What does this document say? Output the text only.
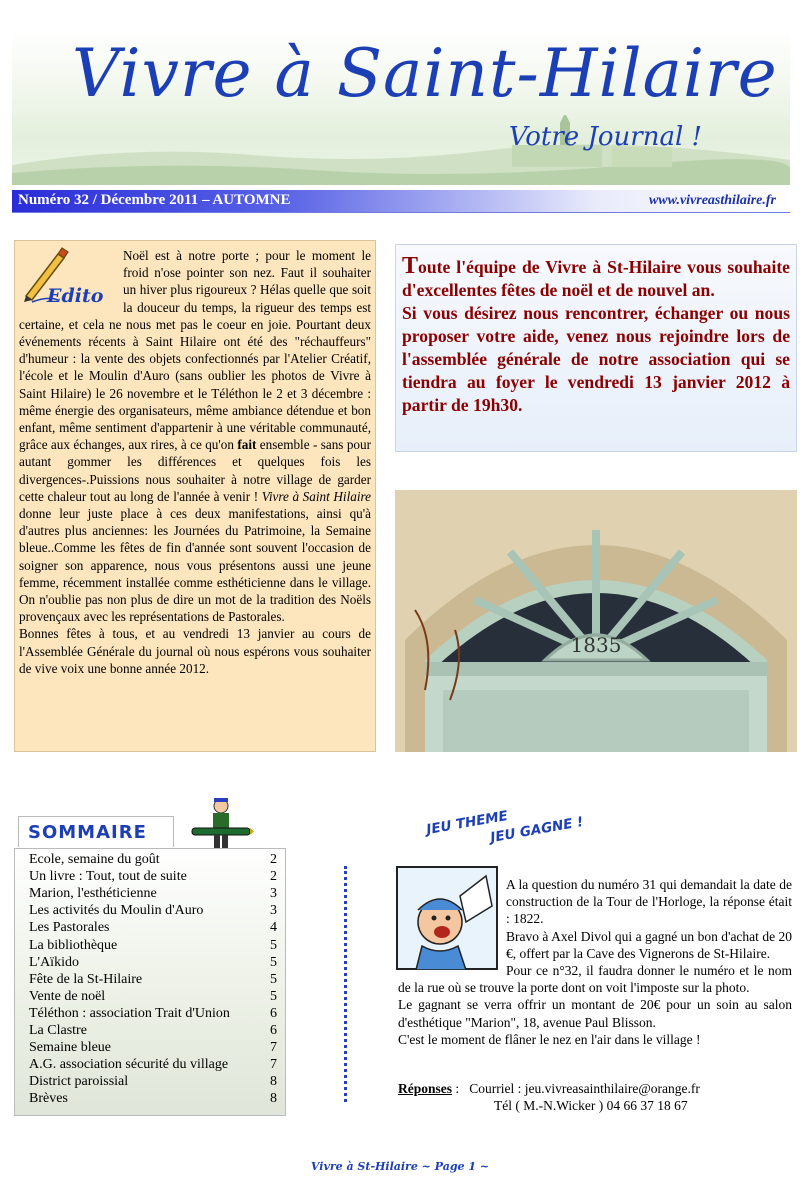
Vivre à Saint-Hilaire
Votre Journal !
Numéro 32 / Décembre 2011 – AUTOMNE	www.vivreasthilaire.fr
Edito

Noël est à notre porte ; pour le moment le froid n'ose pointer son nez. Faut il souhaiter un hiver plus rigoureux ? Hélas quelle que soit la douceur du temps, la rigueur des temps est certaine, et cela ne nous met pas le coeur en joie. Pourtant deux événements récents à Saint Hilaire ont été des "réchauffeurs" d'humeur : la vente des objets confectionnés par l'Atelier Créatif, l'école et le Moulin d'Auro (sans oublier les photos de Vivre à Saint Hilaire) le 26 novembre et le Téléthon le 2 et 3 décembre : même énergie des organisateurs, même ambiance détendue et bon enfant, même sentiment d'appartenir à une véritable communauté, grâce aux échanges, aux rires, à ce qu'on fait ensemble - sans pour autant gommer les différences et quelques fois les divergences-.Puissions nous souhaiter à notre village de garder cette chaleur tout au long de l'année à venir ! Vivre à Saint Hilaire donne leur juste place à ces deux manifestations, ainsi qu'à d'autres plus anciennes: les Journées du Patrimoine, la Semaine bleue..Comme les fêtes de fin d'année sont souvent l'occasion de soigner son apparence, nous vous présentons aussi une jeune femme, récemment installée comme esthéticienne dans le village. On n'oublie pas non plus de dire un mot de la tradition des Noëls provençaux avec les représentations de Pastorales.

Bonnes fêtes à tous, et au vendredi 13 janvier au cours de l'Assemblée Générale du journal où nous espérons vous souhaiter de vive voix une bonne année 2012.

Toute l'équipe de Vivre à St-Hilaire vous souhaite d'excellentes fêtes de noël et de nouvel an.

Si vous désirez nous rencontrer, échanger ou nous proposer votre aide, venez nous rejoindre lors de l'assemblée générale de notre association qui se tiendra au foyer le vendredi 13 janvier 2012 à partir de 19h30.

1835
SOMMAIRE
Ecole, semaine du goût	2
Un livre : Tout, tout de suite	2
Marion, l'esthéticienne	3
Les activités du Moulin d'Auro	3
Les Pastorales	4
La bibliothèque	5
L'Aïkido	5
Fête de la St-Hilaire	5
Vente de noël	5
Téléthon : association Trait d'Union	6
La Clastre	6
Semaine bleue	7
A.G. association sécurité du village	7
District paroissial	8
Brèves	8
JEU THEME
JEU GAGNE !

A la question du numéro 31 qui demandait la date de construction de la Tour de l'Horloge, la réponse était : 1822.

Bravo à Axel Divol qui a gagné un bon d'achat de 20 €, offert par la Cave des Vignerons de St-Hilaire.

Pour ce n°32, il faudra donner le numéro et le nom de la rue où se trouve la porte dont on voit l'imposte sur la photo.

Le gagnant se verra offrir un montant de 20€ pour un soin au salon d'esthétique "Marion", 18, avenue Paul Blisson.

C'est le moment de flâner le nez en l'air dans le village !

Réponses :   Courriel : jeu.vivreasainthilaire@orange.fr
Tél ( M.-N.Wicker ) 04 66 37 18 67
Vivre à St-Hilaire ~ Page 1 ~
